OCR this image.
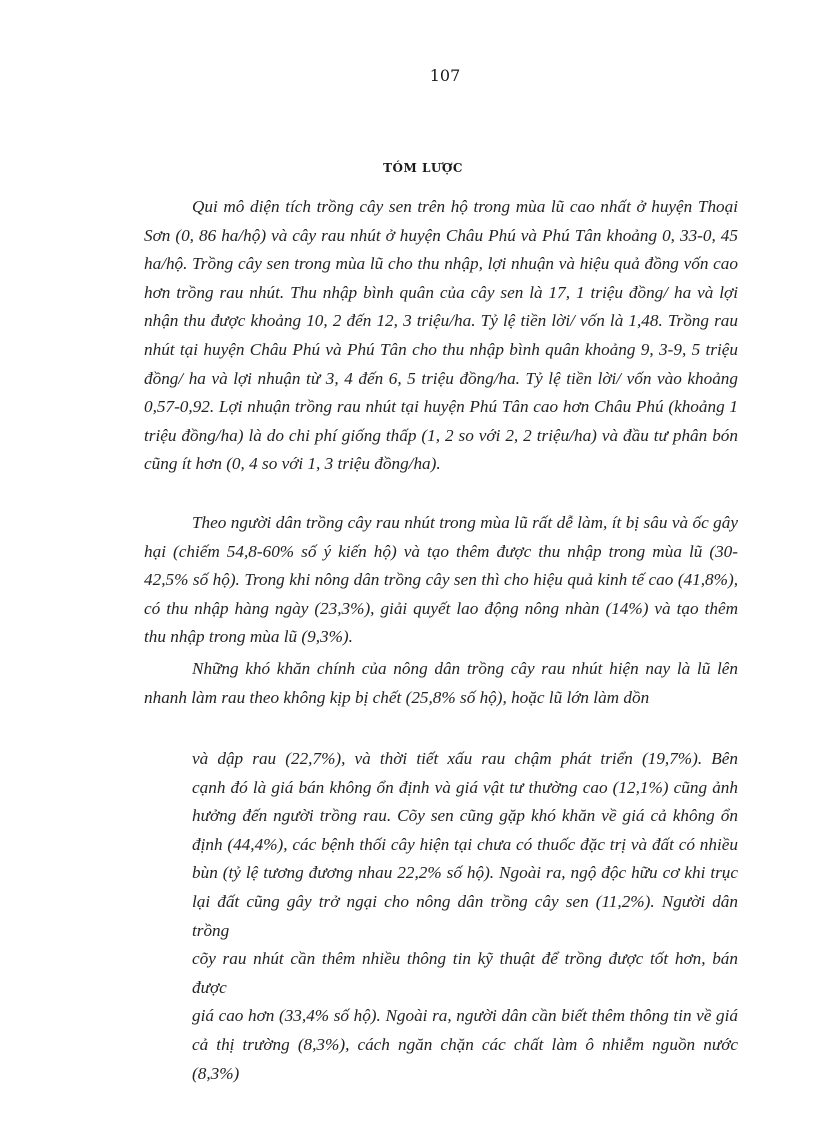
107
TÓM LƯỢC

Qui mô diện tích trồng cây sen trên hộ trong mùa lũ cao nhất ở huyện Thoại Sơn (0, 86 ha/hộ) và cây rau nhút ở huyện Châu Phú và Phú Tân khoảng 0, 33-0, 45 ha/hộ. Trồng cây sen trong mùa lũ cho thu nhập, lợi nhuận và hiệu quả đồng vốn cao hơn trồng rau nhút. Thu nhập bình quân của cây sen là 17, 1 triệu đồng/ ha và lợi nhận thu được khoảng 10, 2 đến 12, 3 triệu/ha. Tỷ lệ tiền lời/ vốn là 1,48. Trồng rau nhút tại huyện Châu Phú và Phú Tân cho thu nhập bình quân khoảng 9, 3-9, 5 triệu đồng/ ha và lợi nhuận từ 3, 4 đến 6, 5 triệu đồng/ha. Tỷ lệ tiền lời/ vốn vào khoảng 0,57-0,92. Lợi nhuận trồng rau nhút tại huyện Phú Tân cao hơn Châu Phú (khoảng 1 triệu đồng/ha) là do chi phí giống thấp (1, 2 so với 2, 2 triệu/ha) và đầu tư phân bón cũng ít hơn (0, 4 so với 1, 3 triệu đồng/ha).

Theo người dân trồng cây rau nhút trong mùa lũ rất dễ làm, ít bị sâu và ốc gây hại (chiếm 54,8-60% số ý kiến hộ) và tạo thêm được thu nhập trong mùa lũ (30-42,5% số hộ). Trong khi nông dân trồng cây sen thì cho hiệu quả kinh tế cao (41,8%), có thu nhập hàng ngày (23,3%), giải quyết lao động nông nhàn (14%) và tạo thêm thu nhập trong mùa lũ (9,3%).

Những khó khăn chính của nông dân trồng cây rau nhút hiện nay là lũ lên nhanh làm rau theo không kịp bị chết (25,8% số hộ), hoặc lũ lớn làm dồn

và dập rau (22,7%), và thời tiết xấu rau chậm phát triển (19,7%). Bên
cạnh đó là giá bán không ổn định và giá vật tư thường cao (12,1%) cũng ảnh
hưởng đến người trồng rau. Cõy sen cũng gặp khó khăn về giá cả không ổn
định (44,4%), các bệnh thối cây hiện tại chưa có thuốc đặc trị và đất có nhiều
bùn (tỷ lệ tương đương nhau 22,2% số hộ). Ngoài ra, ngộ độc hữu cơ khi trục
lại đất cũng gây trở ngại cho nông dân trồng cây sen (11,2%). Người dân trồng
cõy rau nhút cần thêm nhiều thông tin kỹ thuật để trồng được tốt hơn, bán được
giá cao hơn (33,4% số hộ). Ngoài ra, người dân cần biết thêm thông tin về giá
cả thị trường (8,3%), cách ngăn chặn các chất làm ô nhiễm nguồn nước (8,3%)
